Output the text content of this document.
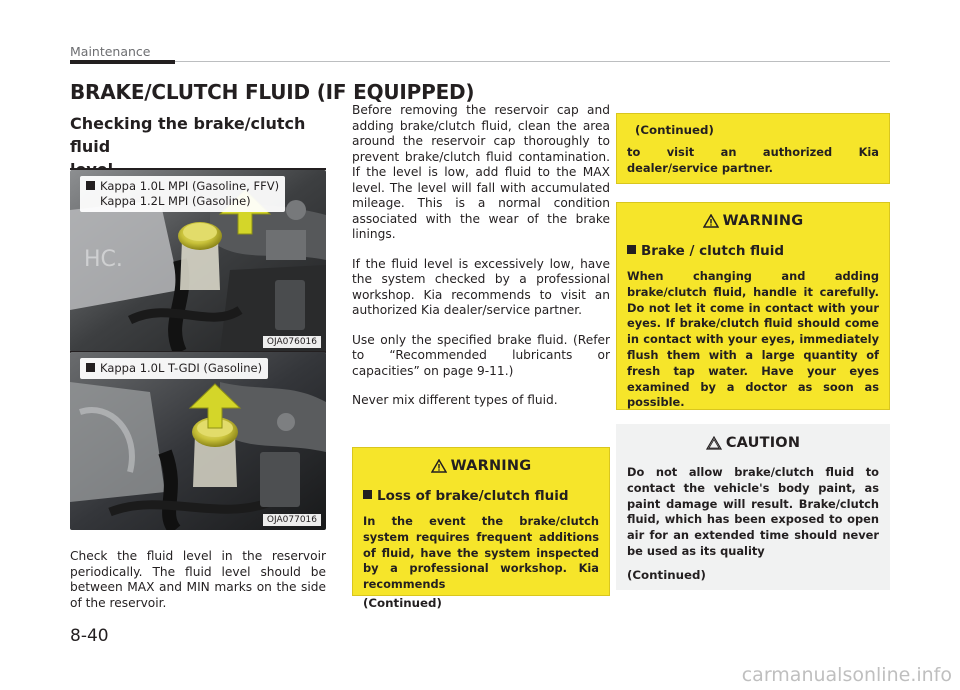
Maintenance
BRAKE/CLUTCH FLUID (IF EQUIPPED)
Checking the brake/clutch fluid
HC.
Kappa 1.0L MPI (Gasoline, FFV)
Kappa 1.2L MPI (Gasoline)
OJA076016
Kappa 1.0L T-GDI (Gasoline)
OJA077016
Check the fluid level in the reservoir periodically. The fluid level should be between MAX and MIN marks on the side of the reservoir.

Before removing the reservoir cap and adding brake/clutch fluid, clean the area around the reservoir cap thoroughly to prevent brake/clutch fluid contamination. If the level is low, add fluid to the MAX level. The level will fall with accumulated mileage. This is a normal condition associated with the wear of the brake linings.

If the fluid level is excessively low, have the system checked by a professional workshop. Kia recommends to visit an authorized Kia dealer/service partner.

Use only the specified brake fluid. (Refer to “Recommended lubricants or capacities” on page 9-11.)

Never mix different types of fluid.

WARNING
Loss of brake/clutch fluid
In the event the brake/clutch system requires frequent additions of fluid, have the system inspected by a professional workshop. Kia recommends
(Continued)
(Continued)
to visit an authorized Kia dealer/service partner.
WARNING
Brake / clutch fluid
When changing and adding brake/clutch fluid, handle it carefully. Do not let it come in contact with your eyes. If brake/clutch fluid should come in contact with your eyes, immediately flush them with a large quantity of fresh tap water. Have your eyes examined by a doctor as soon as possible.
CAUTION
Do not allow brake/clutch fluid to contact the vehicle's body paint, as paint damage will result. Brake/clutch fluid, which has been exposed to open air for an extended time should never be used as its quality
(Continued)
8-40
carmanualsonline.info
